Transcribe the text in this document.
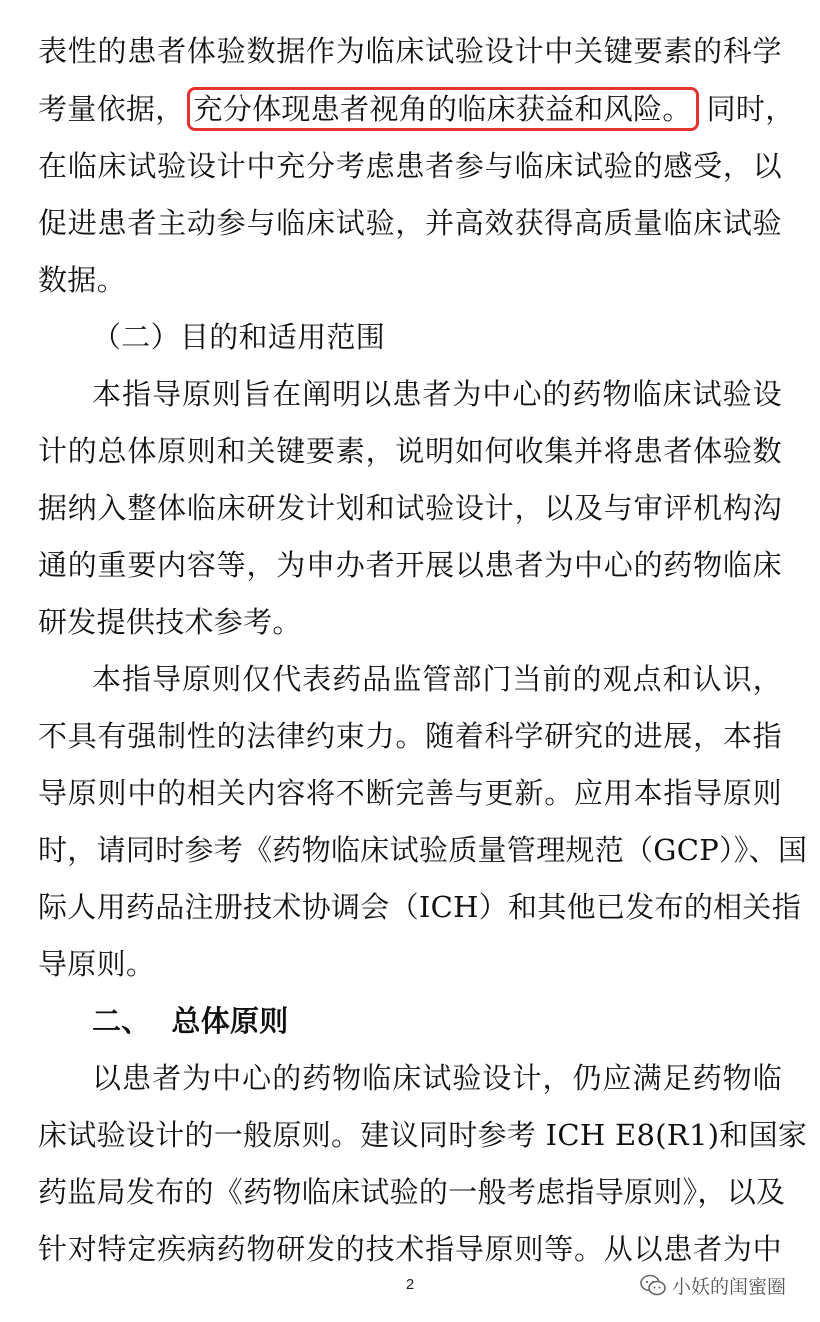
表性的患者体验数据作为临床试验设计中关键要素的科学
考量依据， 充分体现患者视角的临床获益和风险。 同时，
在临床试验设计中充分考虑患者参与临床试验的感受，以
促进患者主动参与临床试验，并高效获得高质量临床试验
数据。
（二）目的和适用范围
本指导原则旨在阐明以患者为中心的药物临床试验设
计的总体原则和关键要素，说明如何收集并将患者体验数
据纳入整体临床研发计划和试验设计，以及与审评机构沟
通的重要内容等，为申办者开展以患者为中心的药物临床
研发提供技术参考。
本指导原则仅代表药品监管部门当前的观点和认识，
不具有强制性的法律约束力。随着科学研究的进展，本指
导原则中的相关内容将不断完善与更新。应用本指导原则
时，请同时参考《药物临床试验质量管理规范（GCP）》、国
际人用药品注册技术协调会（ICH）和其他已发布的相关指
导原则。
二、  总体原则
以患者为中心的药物临床试验设计，仍应满足药物临
床试验设计的一般原则。建议同时参考 ICH E8(R1)和国家
药监局发布的《药物临床试验的一般考虑指导原则》，以及
针对特定疾病药物研发的技术指导原则等。从以患者为中
2	小妖的闺蜜圈
